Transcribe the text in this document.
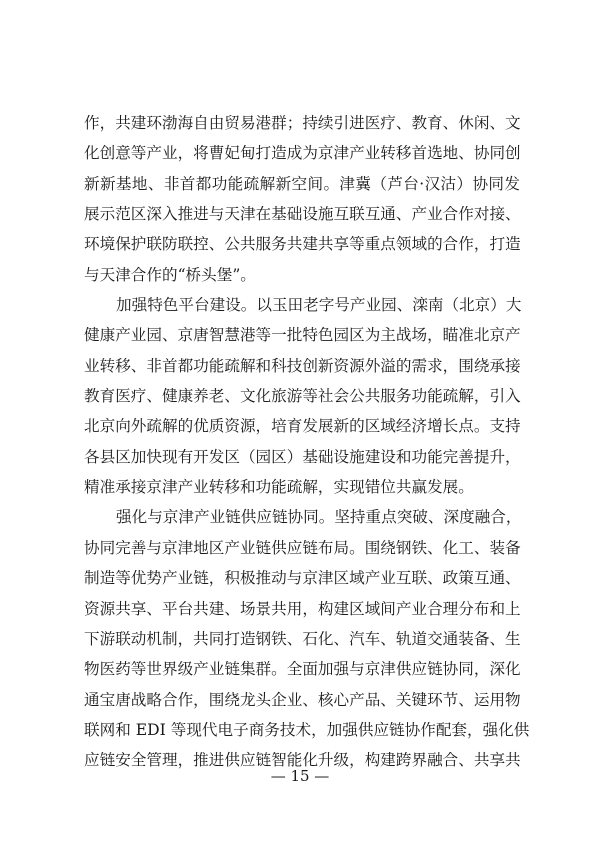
作，共建环渤海自由贸易港群；持续引进医疗、教育、休闲、文
化创意等产业，将曹妃甸打造成为京津产业转移首选地、协同创
新新基地、非首都功能疏解新空间。津冀（芦台·汉沽）协同发
展示范区深入推进与天津在基础设施互联互通、产业合作对接、
环境保护联防联控、公共服务共建共享等重点领域的合作，打造
与天津合作的“桥头堡”。
加强特色平台建设。以玉田老字号产业园、滦南（北京）大
健康产业园、京唐智慧港等一批特色园区为主战场，瞄准北京产
业转移、非首都功能疏解和科技创新资源外溢的需求，围绕承接
教育医疗、健康养老、文化旅游等社会公共服务功能疏解，引入
北京向外疏解的优质资源，培育发展新的区域经济增长点。支持
各县区加快现有开发区（园区）基础设施建设和功能完善提升，
精准承接京津产业转移和功能疏解，实现错位共赢发展。
强化与京津产业链供应链协同。坚持重点突破、深度融合，
协同完善与京津地区产业链供应链布局。围绕钢铁、化工、装备
制造等优势产业链，积极推动与京津区域产业互联、政策互通、
资源共享、平台共建、场景共用，构建区域间产业合理分布和上
下游联动机制，共同打造钢铁、石化、汽车、轨道交通装备、生
物医药等世界级产业链集群。全面加强与京津供应链协同，深化
通宝唐战略合作，围绕龙头企业、核心产品、关键环节、运用物
联网和 EDI 等现代电子商务技术，加强供应链协作配套，强化供
应链安全管理，推进供应链智能化升级，构建跨界融合、共享共
— 15 —
